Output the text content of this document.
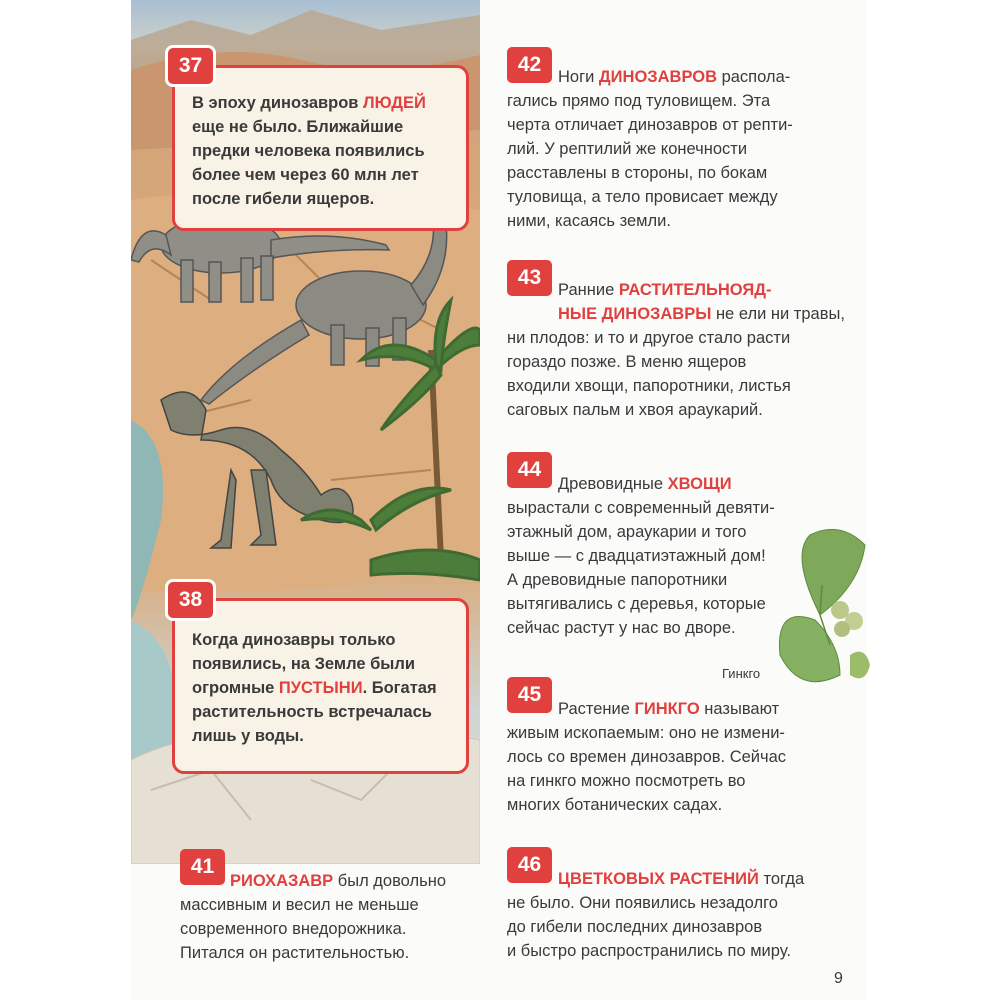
37
В эпоху динозавров ЛЮДЕЙ
еще не было. Ближайшие
предки человека появились
более чем через 60 млн лет
после гибели ящеров.
38
Когда динозавры только
появились, на Земле были
огромные ПУСТЫНИ. Богатая
растительность встречалась
лишь у воды.
41
РИОХАЗАВР был довольно
массивным и весил не меньше
современного внедорожника.
Питался он растительностью.
42
Ноги ДИНОЗАВРОВ распола-
гались прямо под туловищем. Эта
черта отличает динозавров от репти-
лий. У рептилий же конечности
расставлены в стороны, по бокам
туловища, а тело провисает между
ними, касаясь земли.
43
Ранние РАСТИТЕЛЬНОЯД-
НЫЕ ДИНОЗАВРЫ не ели ни травы,
ни плодов: и то и другое стало расти
гораздо позже. В меню ящеров
входили хвощи, папоротники, листья
саговых пальм и хвоя араукарий.
44
Древовидные ХВОЩИ
вырастали с современный девяти-
этажный дом, араукарии и того
выше — с двадцатиэтажный дом!
А древовидные папоротники
вытягивались с деревья, которые
сейчас растут у нас во дворе.
Гинкго
45
Растение ГИНКГО называют
живым ископаемым: оно не измени-
лось со времен динозавров. Сейчас
на гинкго можно посмотреть во
многих ботанических садах.
46
ЦВЕТКОВЫХ РАСТЕНИЙ тогда
не было. Они появились незадолго
до гибели последних динозавров
и быстро распространились по миру.
9
